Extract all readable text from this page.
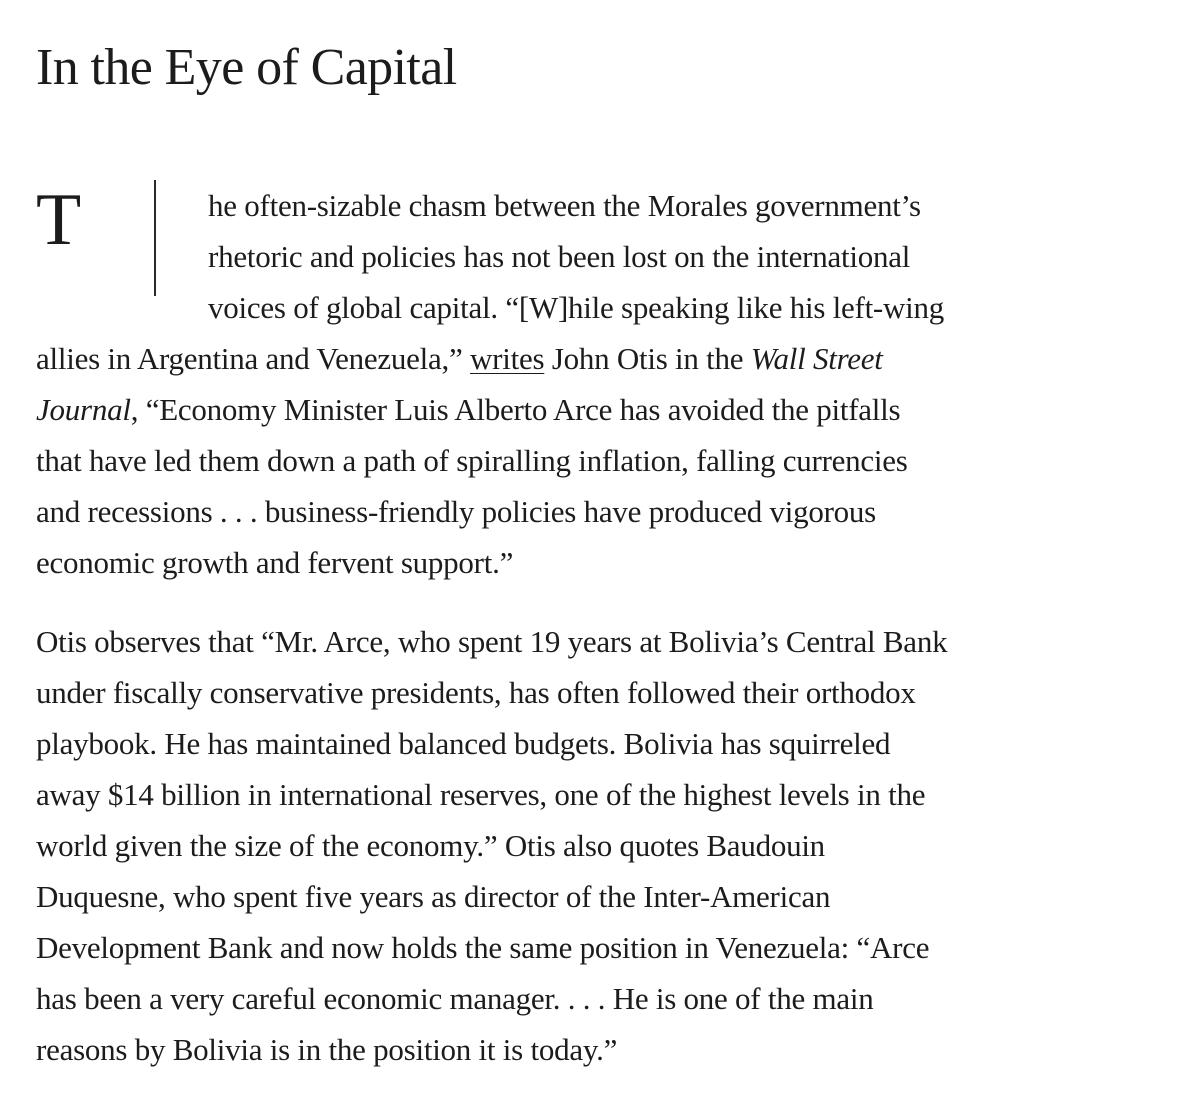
In the Eye of Capital
T	he often-sizable chasm between the Morales government’s
rhetoric and policies has not been lost on the international
voices of global capital. “[W]hile speaking like his left-wing
allies in Argentina and Venezuela,” writes John Otis in the Wall Street
Journal, “Economy Minister Luis Alberto Arce has avoided the pitfalls
that have led them down a path of spiralling inflation, falling currencies
and recessions . . . business-friendly policies have produced vigorous
economic growth and fervent support.”
Otis observes that “Mr. Arce, who spent 19 years at Bolivia’s Central Bank
under fiscally conservative presidents, has often followed their orthodox
playbook. He has maintained balanced budgets. Bolivia has squirreled
away $14 billion in international reserves, one of the highest levels in the
world given the size of the economy.” Otis also quotes Baudouin
Duquesne, who spent five years as director of the Inter-American
Development Bank and now holds the same position in Venezuela: “Arce
has been a very careful economic manager. . . . He is one of the main
reasons by Bolivia is in the position it is today.”
